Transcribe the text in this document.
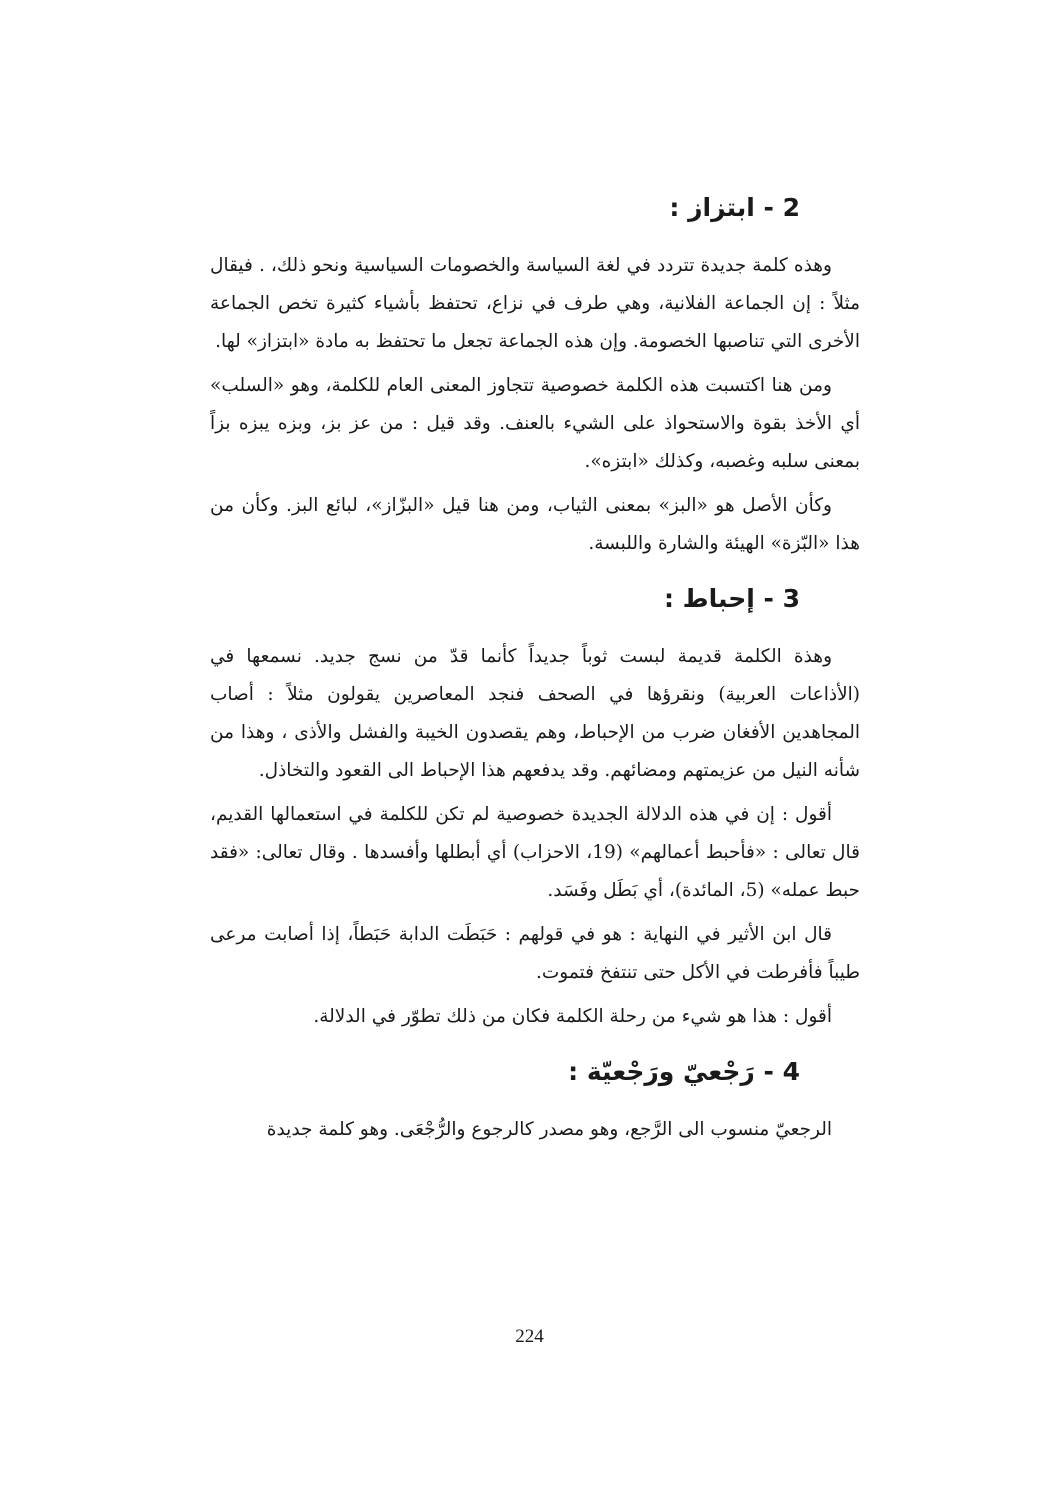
2 - ابتزاز :

وهذه كلمة جديدة تتردد في لغة السياسة والخصومات السياسية ونحو ذلك، . فيقال مثلاً : إن الجماعة الفلانية، وهي طرف في نزاع، تحتفظ بأشياء كثيرة تخص الجماعة الأخرى التي تناصبها الخصومة. وإن هذه الجماعة تجعل ما تحتفظ به مادة «ابتزاز» لها.

ومن هنا اكتسبت هذه الكلمة خصوصية تتجاوز المعنى العام للكلمة، وهو «السلب» أي الأخذ بقوة والاستحواذ على الشيء بالعنف. وقد قيل : من عز بز، وبزه يبزه بزاً بمعنى سلبه وغصبه، وكذلك «ابتزه».

وكأن الأصل هو «البز» بمعنى الثياب، ومن هنا قيل «البزّاز»، لبائع البز. وكأن من هذا «البّزة» الهيئة والشارة واللبسة.

3 - إحباط :

وهذة الكلمة قديمة لبست ثوباً جديداً كأنما قدّ من نسج جديد. نسمعها في (الأذاعات العربية) ونقرؤها في الصحف فنجد المعاصرين يقولون مثلاً : أصاب المجاهدين الأفغان ضرب من الإحباط، وهم يقصدون الخيبة والفشل والأذى ، وهذا من شأنه النيل من عزيمتهم ومضائهم. وقد يدفعهم هذا الإحباط الى القعود والتخاذل.

أقول : إن في هذه الدلالة الجديدة خصوصية لم تكن للكلمة في استعمالها القديم، قال تعالى : «فأحبط أعمالهم» (19، الاحزاب) أي أبطلها وأفسدها . وقال تعالى: «فقد حبط عمله» (5، المائدة)، أي بَطَل وفَسَد.

قال ابن الأثير في النهاية : هو في قولهم : حَبَطَت الدابة حَبَطاً، إذا أصابت مرعى طيباً فأفرطت في الأكل حتى تنتفخ فتموت.

أقول : هذا هو شيء من رحلة الكلمة فكان من ذلك تطوّر في الدلالة.

4 - رَجْعيّ ورَجْعيّة :

الرجعيّ منسوب الى الرَّجع، وهو مصدر كالرجوع والرُّجْعَى. وهو كلمة جديدة

224
